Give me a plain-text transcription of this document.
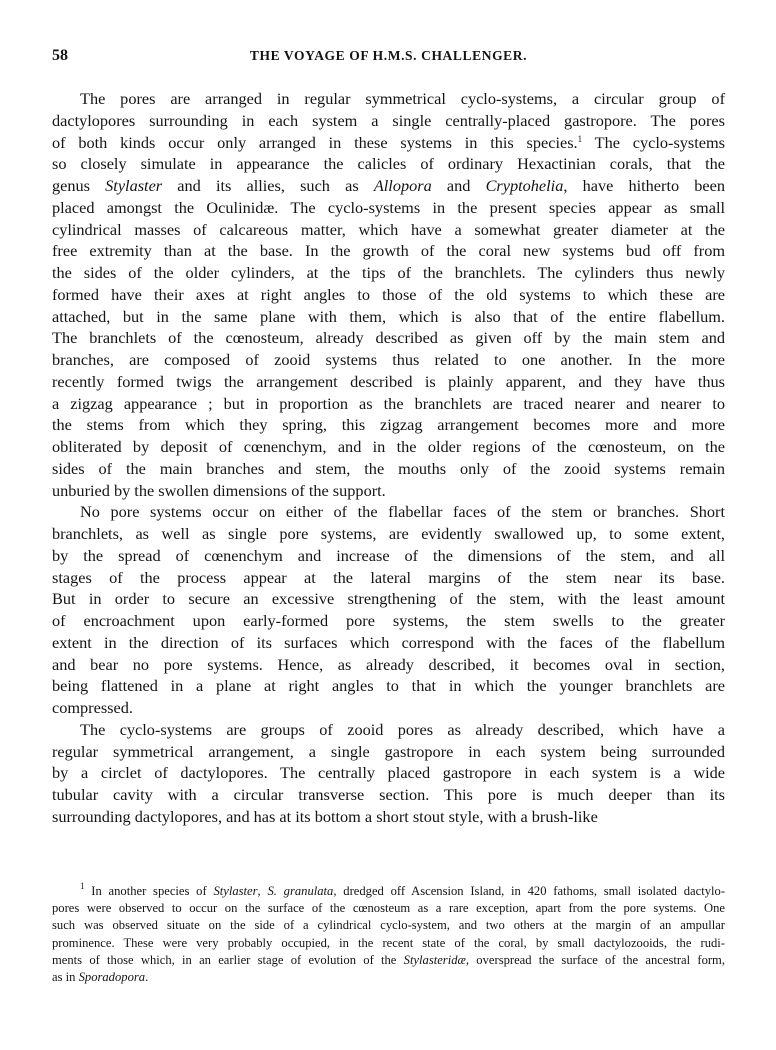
58	THE VOYAGE OF H.M.S. CHALLENGER.
The pores are arranged in regular symmetrical cyclo-systems, a circular group of
dactylopores surrounding in each system a single centrally-placed gastropore. The pores
of both kinds occur only arranged in these systems in this species.$^1$ The cyclo-systems
so closely simulate in appearance the calicles of ordinary Hexactinian corals, that the
genus Stylaster and its allies, such as Allopora and Cryptohelia, have hitherto been
placed amongst the Oculinidæ. The cyclo-systems in the present species appear as small
cylindrical masses of calcareous matter, which have a somewhat greater diameter at the
free extremity than at the base. In the growth of the coral new systems bud off from
the sides of the older cylinders, at the tips of the branchlets. The cylinders thus newly
formed have their axes at right angles to those of the old systems to which these are
attached, but in the same plane with them, which is also that of the entire flabellum.
The branchlets of the cœnosteum, already described as given off by the main stem and
branches, are composed of zooid systems thus related to one another. In the more
recently formed twigs the arrangement described is plainly apparent, and they have thus
a zigzag appearance ; but in proportion as the branchlets are traced nearer and nearer to
the stems from which they spring, this zigzag arrangement becomes more and more
obliterated by deposit of cœnenchym, and in the older regions of the cœnosteum, on the
sides of the main branches and stem, the mouths only of the zooid systems remain
unburied by the swollen dimensions of the support.
No pore systems occur on either of the flabellar faces of the stem or branches. Short
branchlets, as well as single pore systems, are evidently swallowed up, to some extent,
by the spread of cœnenchym and increase of the dimensions of the stem, and all
stages of the process appear at the lateral margins of the stem near its base.
But in order to secure an excessive strengthening of the stem, with the least amount
of encroachment upon early-formed pore systems, the stem swells to the greater
extent in the direction of its surfaces which correspond with the faces of the flabellum
and bear no pore systems. Hence, as already described, it becomes oval in section,
being flattened in a plane at right angles to that in which the younger branchlets are
compressed.
The cyclo-systems are groups of zooid pores as already described, which have a
regular symmetrical arrangement, a single gastropore in each system being surrounded
by a circlet of dactylopores. The centrally placed gastropore in each system is a wide
tubular cavity with a circular transverse section. This pore is much deeper than its
surrounding dactylopores, and has at its bottom a short stout style, with a brush-like
$^1$ In another species of Stylaster, S. granulata, dredged off Ascension Island, in 420 fathoms, small isolated dactylo-
pores were observed to occur on the surface of the cœnosteum as a rare exception, apart from the pore systems. One
such was observed situate on the side of a cylindrical cyclo-system, and two others at the margin of an ampullar
prominence. These were very probably occupied, in the recent state of the coral, by small dactylozooids, the rudi-
ments of those which, in an earlier stage of evolution of the Stylasteridæ, overspread the surface of the ancestral form,
as in Sporadopora.
